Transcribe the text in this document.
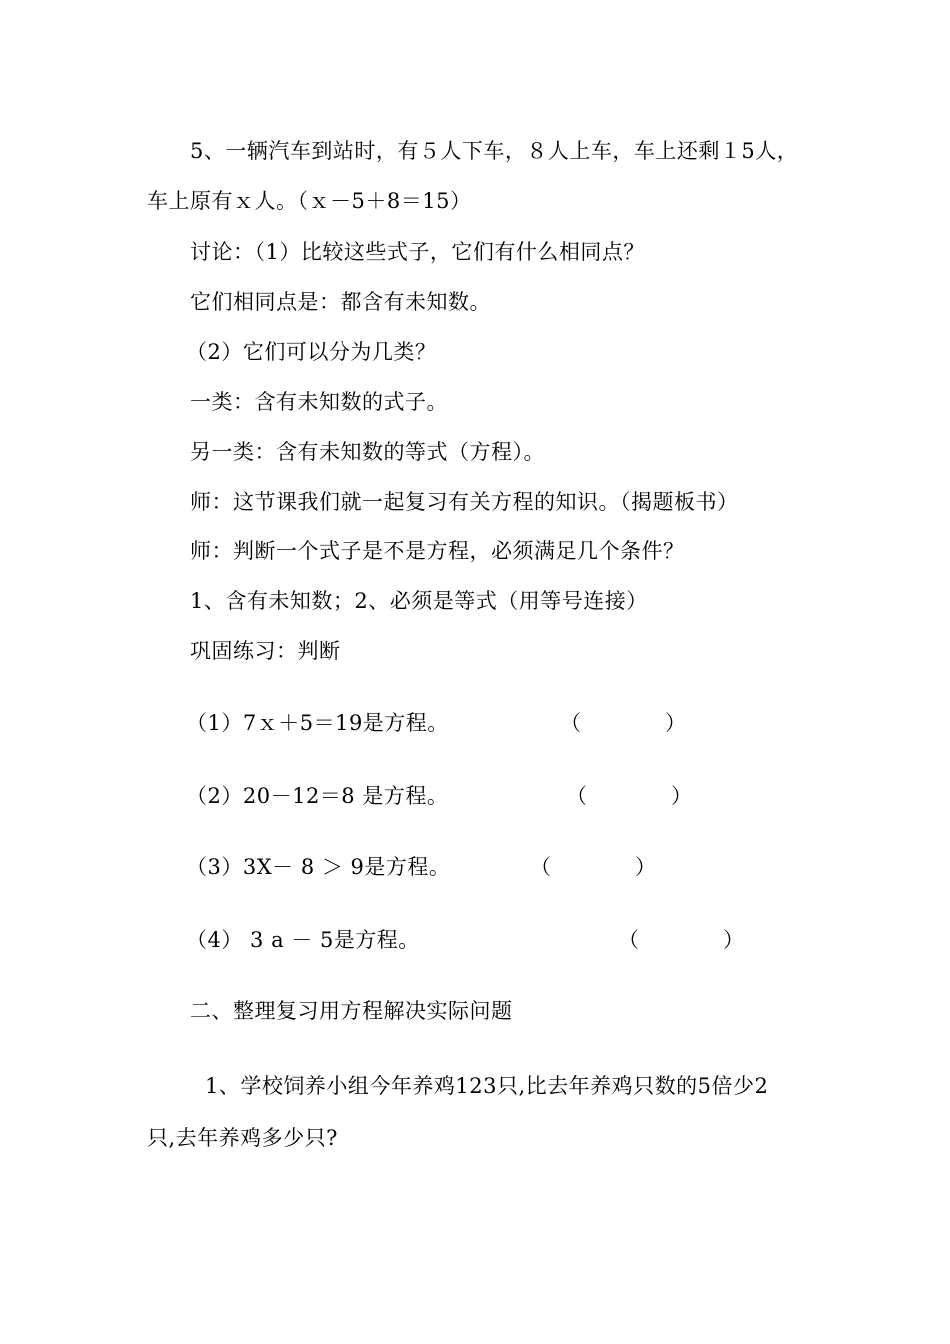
5、一辆汽车到站时，有５人下车，８人上车，车上还剩１5人，
车上原有ｘ人。（ｘ－5＋8＝15）
讨论：（1）比较这些式子，它们有什么相同点？
它们相同点是：都含有未知数。
（2）它们可以分为几类？
一类：含有未知数的式子。
另一类：含有未知数的等式（方程）。
师：这节课我们就一起复习有关方程的知识。（揭题板书）
师：判断一个式子是不是方程，必须满足几个条件？
1、含有未知数；2、必须是等式（用等号连接）
巩固练习：判断
（1）7ｘ＋5＝19是方程。	（　　　　）
（2）20－12＝8 是方程。	（　　　　）
（3）3X－ 8 ＞ 9是方程。	（　　　　）
（4） 3 a － 5是方程。	（　　　　）
二、整理复习用方程解决实际问题
1、学校饲养小组今年养鸡123只,比去年养鸡只数的5倍少2
只,去年养鸡多少只?
